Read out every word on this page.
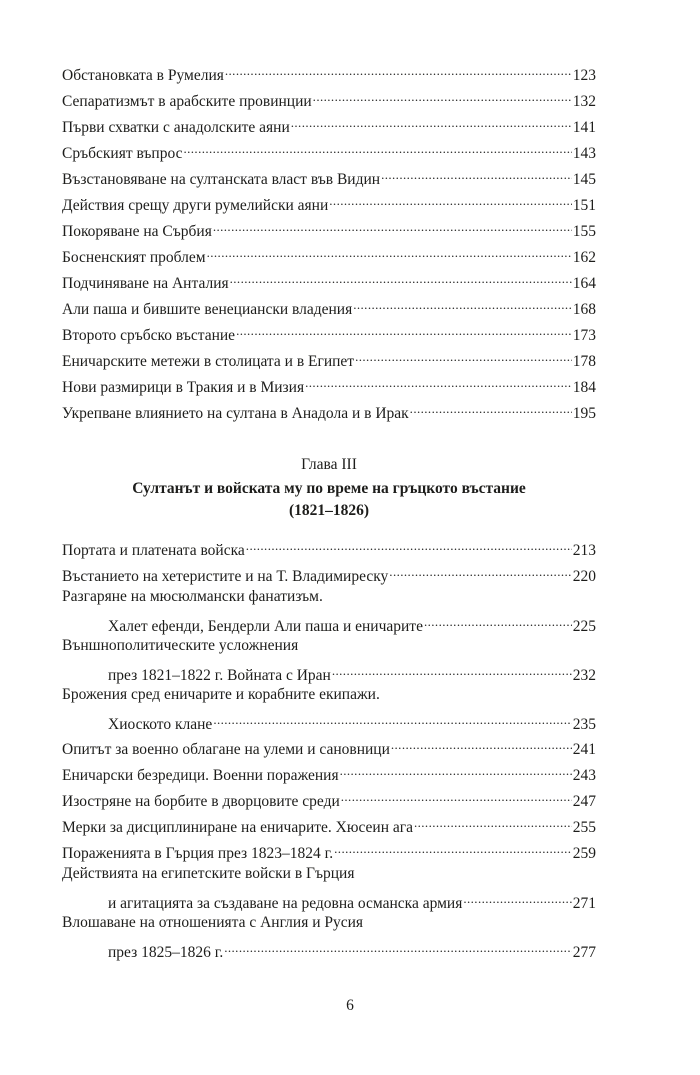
Обстановката в Румелия .....	123
Сепаратизмът в арабските провинции .....	132
Първи схватки с анадолските аяни .....	141
Сръбският въпрос .....	143
Възстановяване на султанската власт във Видин .....	145
Действия срещу други румелийски аяни .....	151
Покоряване на Сърбия .....	155
Босненският проблем .....	162
Подчиняване на Анталия .....	164
Али паша и бившите венециански владения .....	168
Второто сръбско въстание .....	173
Еничарските метежи в столицата и в Египет .....	178
Нови размирици в Тракия и в Мизия .....	184
Укрепване влиянието на султана в Анадола и в Ирак .....	195
Глава III
Султанът и войската му по време на гръцкото въстание
(1821–1826)
Портата и платената войска .....	213
Въстанието на хетеристите и на Т. Владимиреску .....	220
Разгаряне на мюсюлмански фанатизъм.
Халет ефенди, Бендерли Али паша и еничарите .....	225
Външнополитическите усложнения
през 1821–1822 г. Войната с Иран .....	232
Брожения сред еничарите и корабните екипажи.
Хиоското клане .....	235
Опитът за военно облагане на улеми и сановници .....	241
Еничарски безредици. Военни поражения .....	243
Изостряне на борбите в дворцовите среди .....	247
Мерки за дисциплиниране на еничарите. Хюсеин ага .....	255
Пораженията в Гърция през 1823–1824 г. .....	259
Действията на египетските войски в Гърция
и агитацията за създаване на редовна османска армия .....	271
Влошаване на отношенията с Англия и Русия
през 1825–1826 г. .....	277
6
